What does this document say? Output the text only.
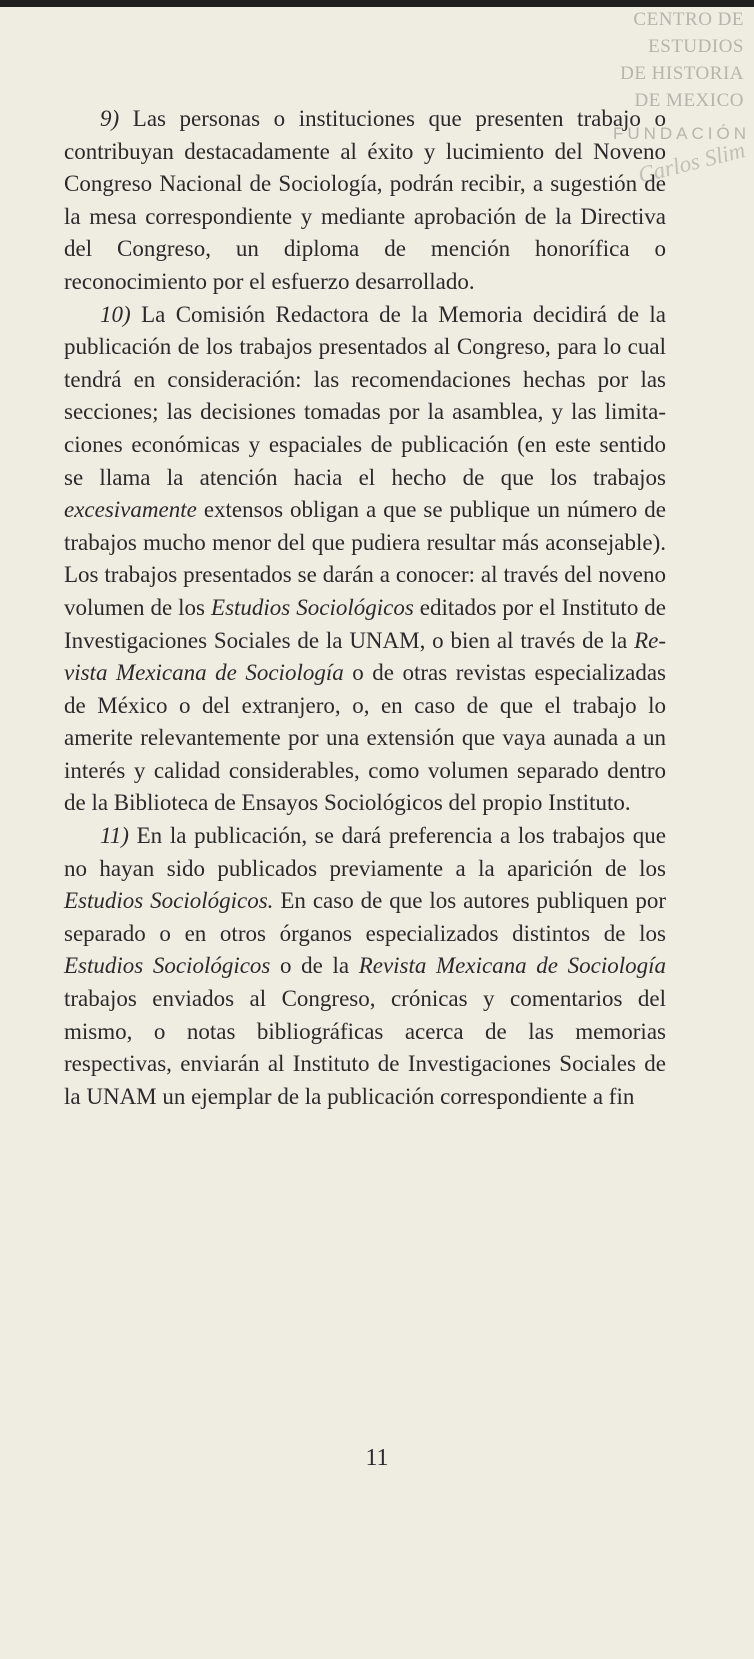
CENTRO DE
ESTUDIOS
DE HISTORIA
DE MEXICO
FUNDACIÓN
Carlos Slim

9) Las personas o instituciones que presenten trabajo o contribuyan destacadamente al éxito y lucimiento del Noveno Congreso Nacional de Sociología, podrán recibir, a sugestión de la mesa correspondiente y mediante aprobación de la Directiva del Congreso, un diploma de mención honorífica o reconocimiento por el esfuerzo desarrollado.

10) La Comisión Redactora de la Memoria decidirá de la publicación de los trabajos presentados al Congreso, para lo cual tendrá en consideración: las recomendaciones hechas por las secciones; las decisiones tomadas por la asamblea, y las limitaciones económicas y espaciales de publicación (en este sentido se llama la atención hacia el hecho de que los trabajos excesivamente extensos obligan a que se publique un número de trabajos mucho menor del que pudiera resultar más aconsejable). Los trabajos presentados se darán a conocer: al través del noveno volumen de los Estudios Sociológicos editados por el Instituto de Investigaciones Sociales de la UNAM, o bien al través de la Revista Mexicana de Sociología o de otras revistas especializadas de México o del extranjero, o, en caso de que el trabajo lo amerite relevantemente por una extensión que vaya aunada a un interés y calidad considerables, como volumen separado dentro de la Biblioteca de Ensayos Sociológicos del propio Instituto.

11) En la publicación, se dará preferencia a los trabajos que no hayan sido publicados previamente a la aparición de los Estudios Sociológicos. En caso de que los autores publiquen por separado o en otros órganos especializados distintos de los Estudios Sociológicos o de la Revista Mexicana de Sociología trabajos enviados al Congreso, crónicas y comentarios del mismo, o notas bibliográficas acerca de las memorias respectivas, enviarán al Instituto de Investigaciones Sociales de la UNAM un ejemplar de la publicación correspondiente a fin

11
